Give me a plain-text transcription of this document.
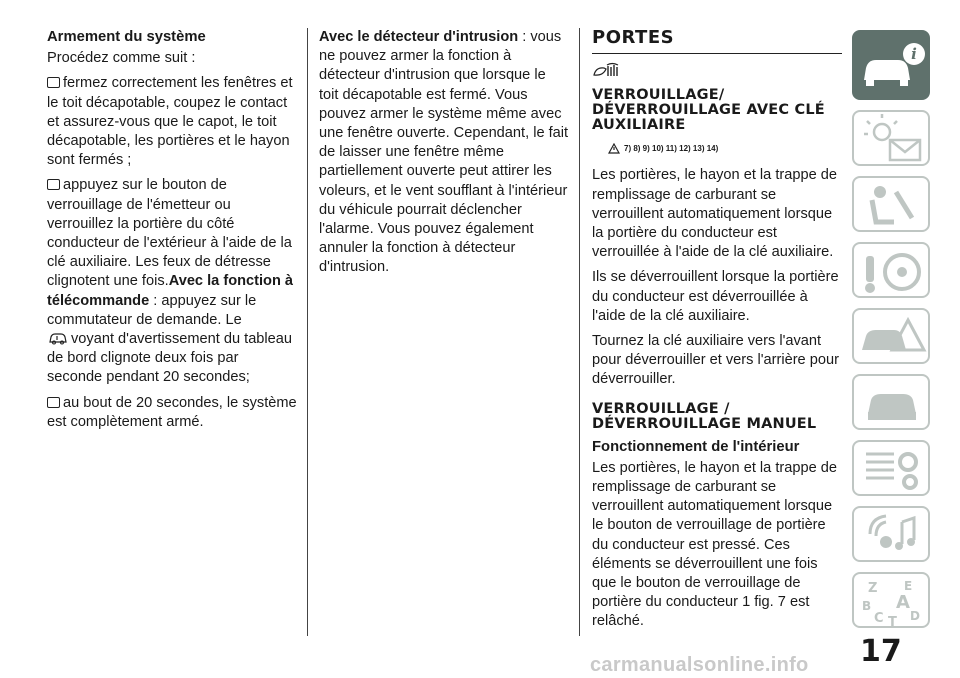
Armement du système

Procédez comme suit :

fermez correctement les fenêtres et le toit décapotable, coupez le contact et assurez-vous que le capot, le toit décapotable, les portières et le hayon sont fermés ;

appuyez sur le bouton de verrouillage de l'émetteur ou verrouillez la portière du côté conducteur de l'extérieur à l'aide de la clé auxiliaire. Les feux de détresse clignotent une fois.Avec la fonction à télécommande : appuyez sur le commutateur de demande. Le
voyant d'avertissement du tableau de bord clignote deux fois par seconde pendant 20 secondes;

au bout de 20 secondes, le système est complètement armé.

Avec le détecteur d'intrusion : vous ne pouvez armer la fonction à détecteur d'intrusion que lorsque le toit décapotable est fermé. Vous pouvez armer le système même avec une fenêtre ouverte. Cependant, le fait de laisser une fenêtre même partiellement ouverte peut attirer les voleurs, et le vent soufflant à l'intérieur du véhicule pourrait déclencher l'alarme. Vous pouvez également annuler la fonction à détecteur d'intrusion.

PORTES
VERROUILLAGE/ DÉVERROUILLAGE AVEC CLÉ AUXILIAIRE
7) 8) 9) 10) 11) 12) 13) 14)

Les portières, le hayon et la trappe de remplissage de carburant se verrouillent automatiquement lorsque la portière du conducteur est verrouillée à l'aide de la clé auxiliaire.

Ils se déverrouillent lorsque la portière du conducteur est déverrouillée à l'aide de la clé auxiliaire.

Tournez la clé auxiliaire vers l'avant pour déverrouiller et vers l'arrière pour déverrouiller.

VERROUILLAGE / DÉVERROUILLAGE MANUEL
Fonctionnement de l'intérieur

Les portières, le hayon et la trappe de remplissage de carburant se verrouillent automatiquement lorsque le bouton de verrouillage de portière du conducteur est pressé. Ces éléments se déverrouillent une fois que le bouton de verrouillage de portière du conducteur 1 fig. 7 est relâché.

i
Z E
B A
C D
T
17
carmanualsonline.info
